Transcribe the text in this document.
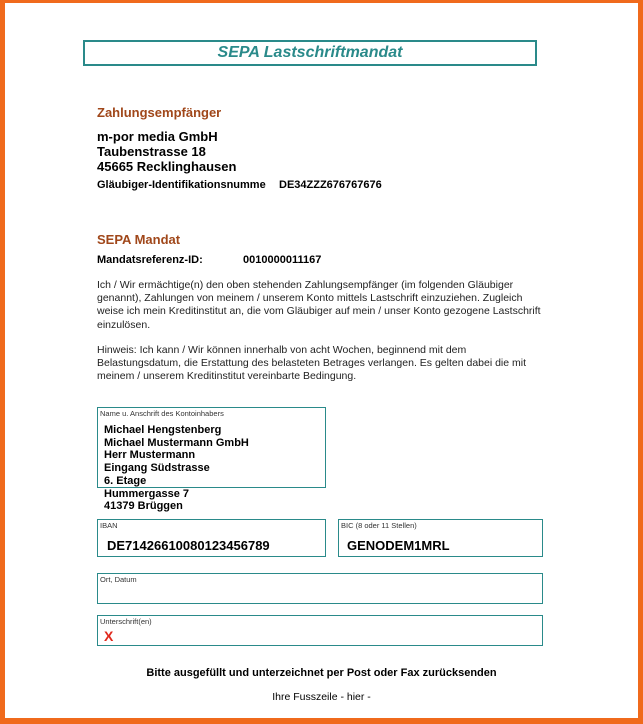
SEPA Lastschriftmandat
Zahlungsempfänger
m-por media GmbH
Taubenstrasse 18
45665 Recklinghausen
Gläubiger-Identifikationsnumme DE34ZZZ676767676
SEPA Mandat
Mandatsreferenz-ID:	0010000011167
Ich / Wir ermächtige(n) den oben stehenden Zahlungsempfänger (im folgenden Gläubiger genannt), Zahlungen von meinem / unserem Konto mittels Lastschrift einzuziehen. Zugleich weise ich mein Kreditinstitut an, die vom Gläubiger auf mein / unser Konto gezogene Lastschrift einzulösen.
Hinweis: Ich kann / Wir können innerhalb von acht Wochen, beginnend mit dem Belastungsdatum, die Erstattung des belasteten Betrages verlangen. Es gelten dabei die mit meinem / unserem Kreditinstitut vereinbarte Bedingung.
Name u. Anschrift des Kontoinhabers
Michael Hengstenberg
Michael Mustermann GmbH
Herr Mustermann
Eingang Südstrasse
6. Etage
Hummergasse 7
41379 Brüggen
IBAN
DE71426610080123456789
BIC (8 oder 11 Stellen)
GENODEM1MRL
Ort, Datum
Unterschrift(en)
X
Bitte ausgefüllt und unterzeichnet per Post oder Fax zurücksenden
Ihre Fusszeile - hier -
